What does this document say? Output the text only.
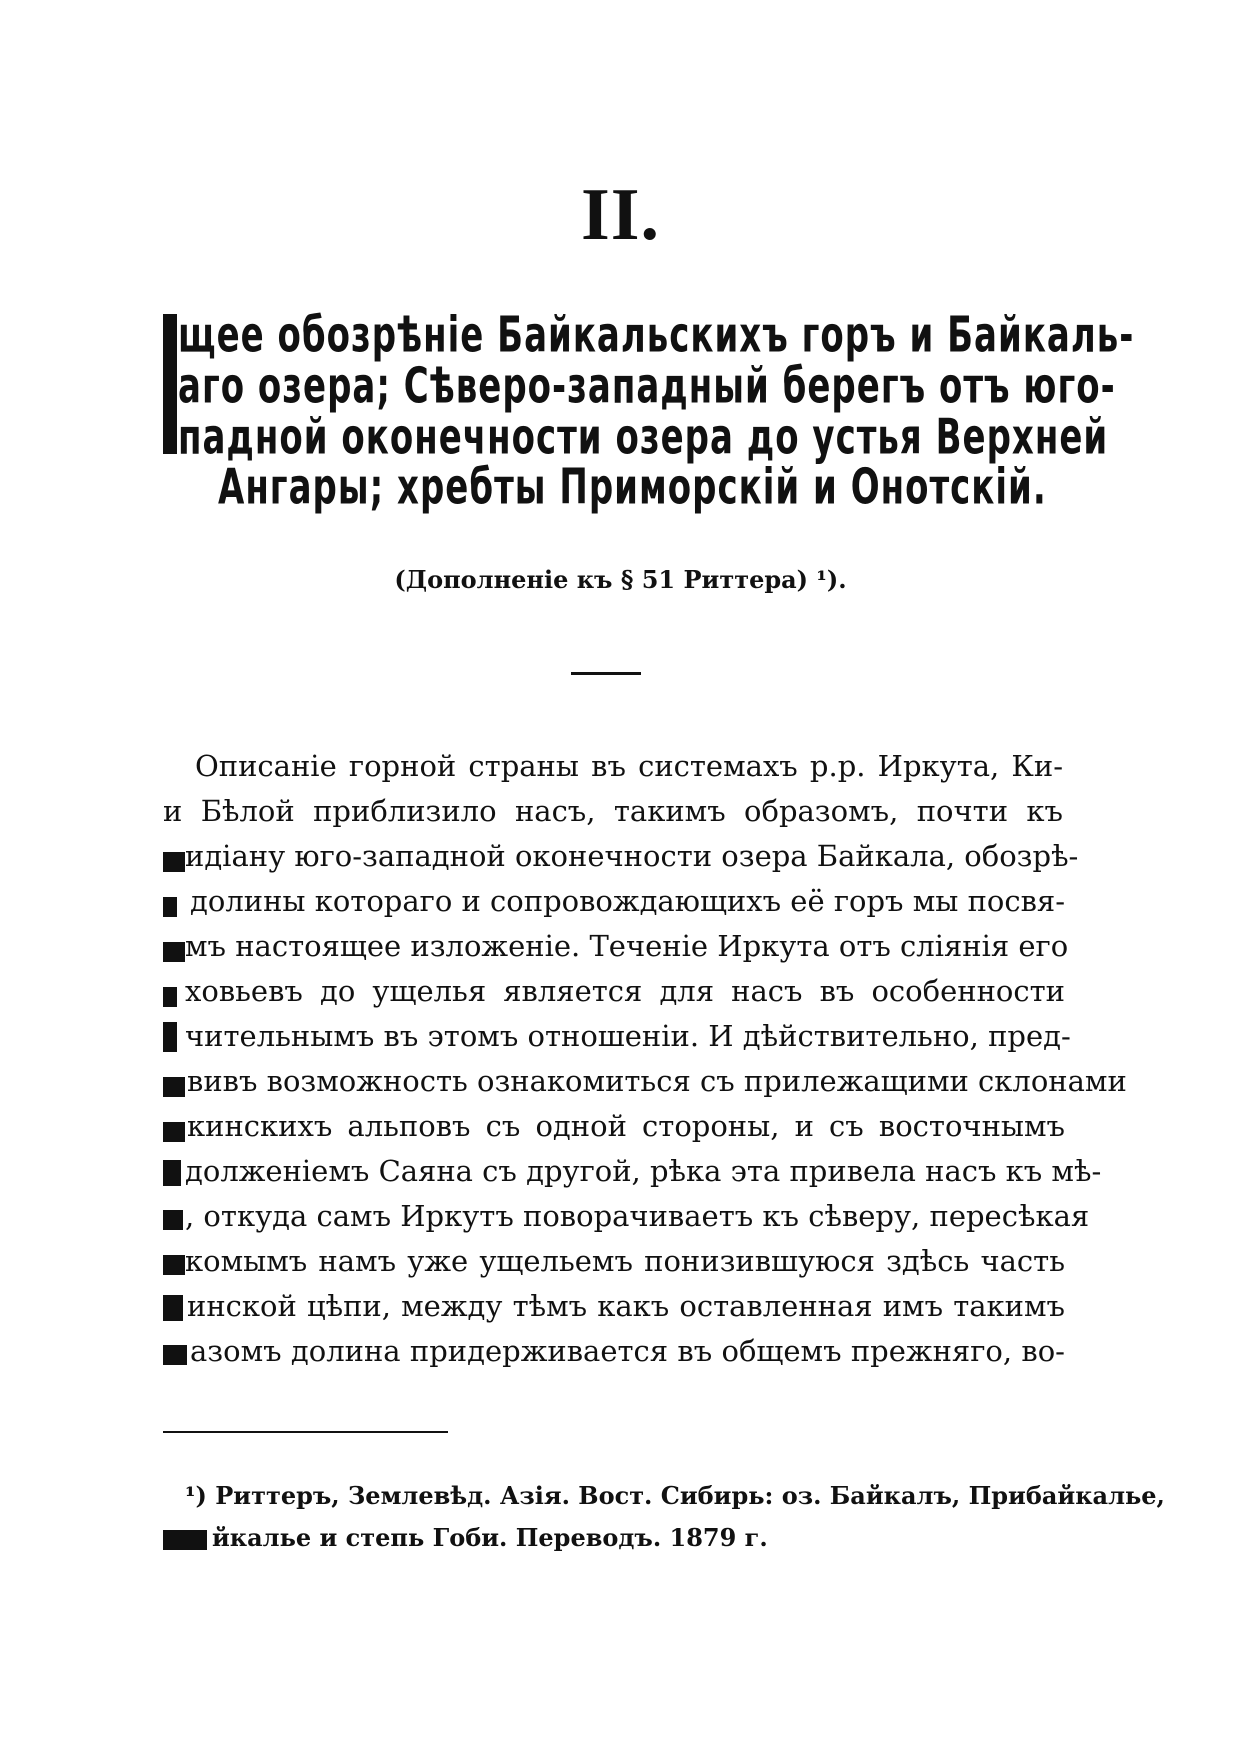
II.
щее обозрѣніе Байкальскихъ горъ и Байкаль-
аго озера; Сѣверо-западный берегъ отъ юго-
падной оконечности озера до устья Верхней
Ангары; хребты Приморскій и Онотскій.
(Дополненіе къ § 51 Риттера) ¹).
Описаніе горной страны въ системахъ р.р. Иркута, Ки-
и Бѣлой приблизило насъ, такимъ образомъ, почти къ
идіану юго-западной оконечности озера Байкала, обозрѣ-
долины котораго и сопровождающихъ её горъ мы посвя-
мъ настоящее изложеніе. Теченіе Иркута отъ слiянія его
ховьевъ до ущелья является для насъ въ особенности
чительнымъ въ этомъ отношеніи. И дѣйствительно, пред-
вивъ возможность ознакомиться съ прилежащими склонами
кинскихъ альповъ съ одной стороны, и съ восточнымъ
должeніемъ Саяна съ другой, рѣка эта привела насъ къ мѣ-
, откуда самъ Иркутъ поворачиваетъ къ сѣверу, пересѣкая
комымъ намъ уже ущельемъ понизившуюся здѣсь часть
инской цѣпи, между тѣмъ какъ оставленная имъ такимъ
азомъ долина придерживается въ общемъ прежняго, во-
¹) Риттеръ, Землевѣд. Азія. Вост. Сибирь: оз. Байкалъ, Прибайкалье,
йкалье и степь Гоби. Переводъ. 1879 г.
